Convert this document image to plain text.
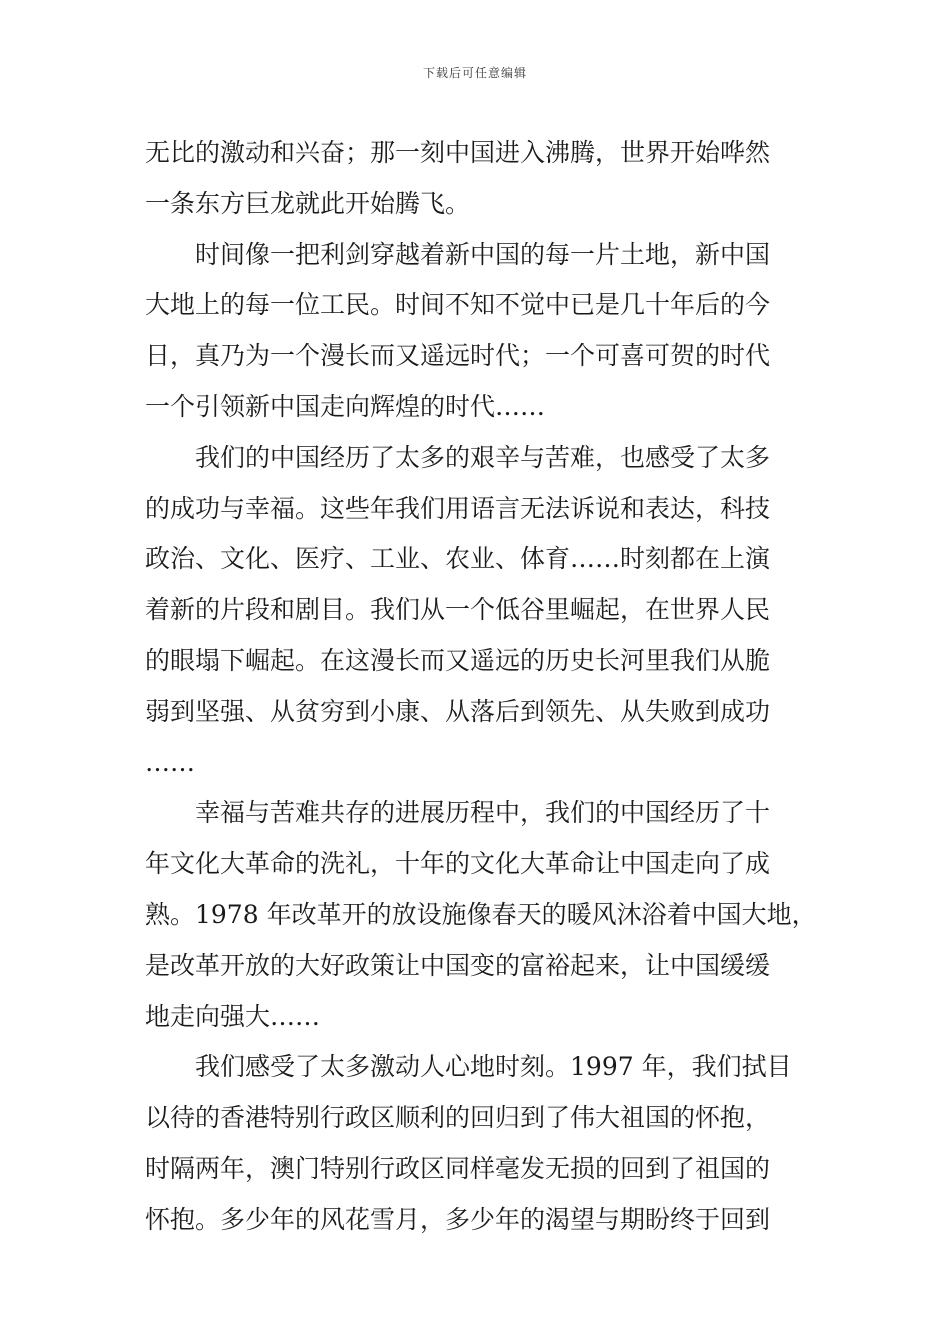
下载后可任意编辑
无比的激动和兴奋；那一刻中国进入沸腾，世界开始哗然
一条东方巨龙就此开始腾飞。
时间像一把利剑穿越着新中国的每一片土地，新中国
大地上的每一位工民。时间不知不觉中已是几十年后的今
日，真乃为一个漫长而又遥远时代；一个可喜可贺的时代
一个引领新中国走向辉煌的时代……
我们的中国经历了太多的艰辛与苦难，也感受了太多
的成功与幸福。这些年我们用语言无法诉说和表达，科技
政治、文化、医疗、工业、农业、体育……时刻都在上演
着新的片段和剧目。我们从一个低谷里崛起，在世界人民
的眼塌下崛起。在这漫长而又遥远的历史长河里我们从脆
弱到坚强、从贫穷到小康、从落后到领先、从失败到成功
……
幸福与苦难共存的进展历程中，我们的中国经历了十
年文化大革命的洗礼，十年的文化大革命让中国走向了成
熟。1978 年改革开的放设施像春天的暖风沐浴着中国大地，
是改革开放的大好政策让中国变的富裕起来，让中国缓缓
地走向强大……
我们感受了太多激动人心地时刻。1997 年，我们拭目
以待的香港特别行政区顺利的回归到了伟大祖国的怀抱，
时隔两年，澳门特别行政区同样毫发无损的回到了祖国的
怀抱。多少年的风花雪月，多少年的渴望与期盼终于回到
